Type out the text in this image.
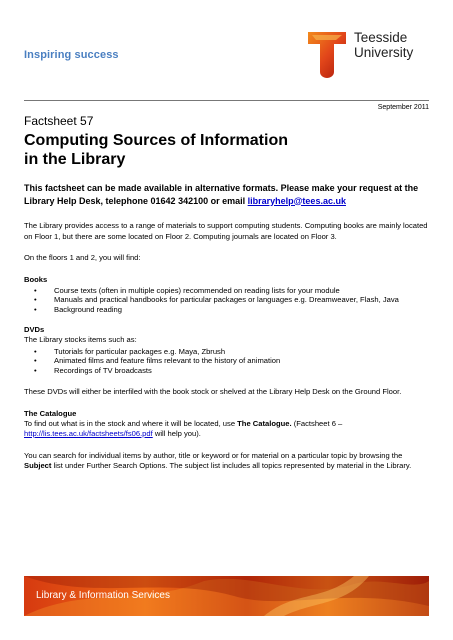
Inspiring success
Teesside
University
September 2011

Factsheet 57

Computing Sources of Information
in the Library

This factsheet can be made available in alternative formats. Please make your request at the Library Help Desk, telephone 01642 342100 or email libraryhelp@tees.ac.uk

The Library provides access to a range of materials to support computing students. Computing books are mainly located on Floor 1, but there are some located on Floor 2. Computing journals are located on Floor 3.

On the floors 1 and 2, you will find:

Books
• Course texts (often in multiple copies) recommended on reading lists for your module
• Manuals and practical handbooks for particular packages or languages e.g. Dreamweaver, Flash, Java
• Background reading
DVDs

The Library stocks items such as:

• Tutorials for particular packages e.g. Maya, Zbrush
• Animated films and feature films relevant to the history of animation
• Recordings of TV broadcasts

These DVDs will either be interfiled with the book stock or shelved at the Library Help Desk on the Ground Floor.

The Catalogue

To find out what is in the stock and where it will be located, use The Catalogue. (Factsheet 6 – http://lis.tees.ac.uk/factsheets/fs06.pdf will help you).

You can search for individual items by author, title or keyword or for material on a particular topic by browsing the Subject list under Further Search Options. The subject list includes all topics represented by material in the Library.

Library & Information Services
